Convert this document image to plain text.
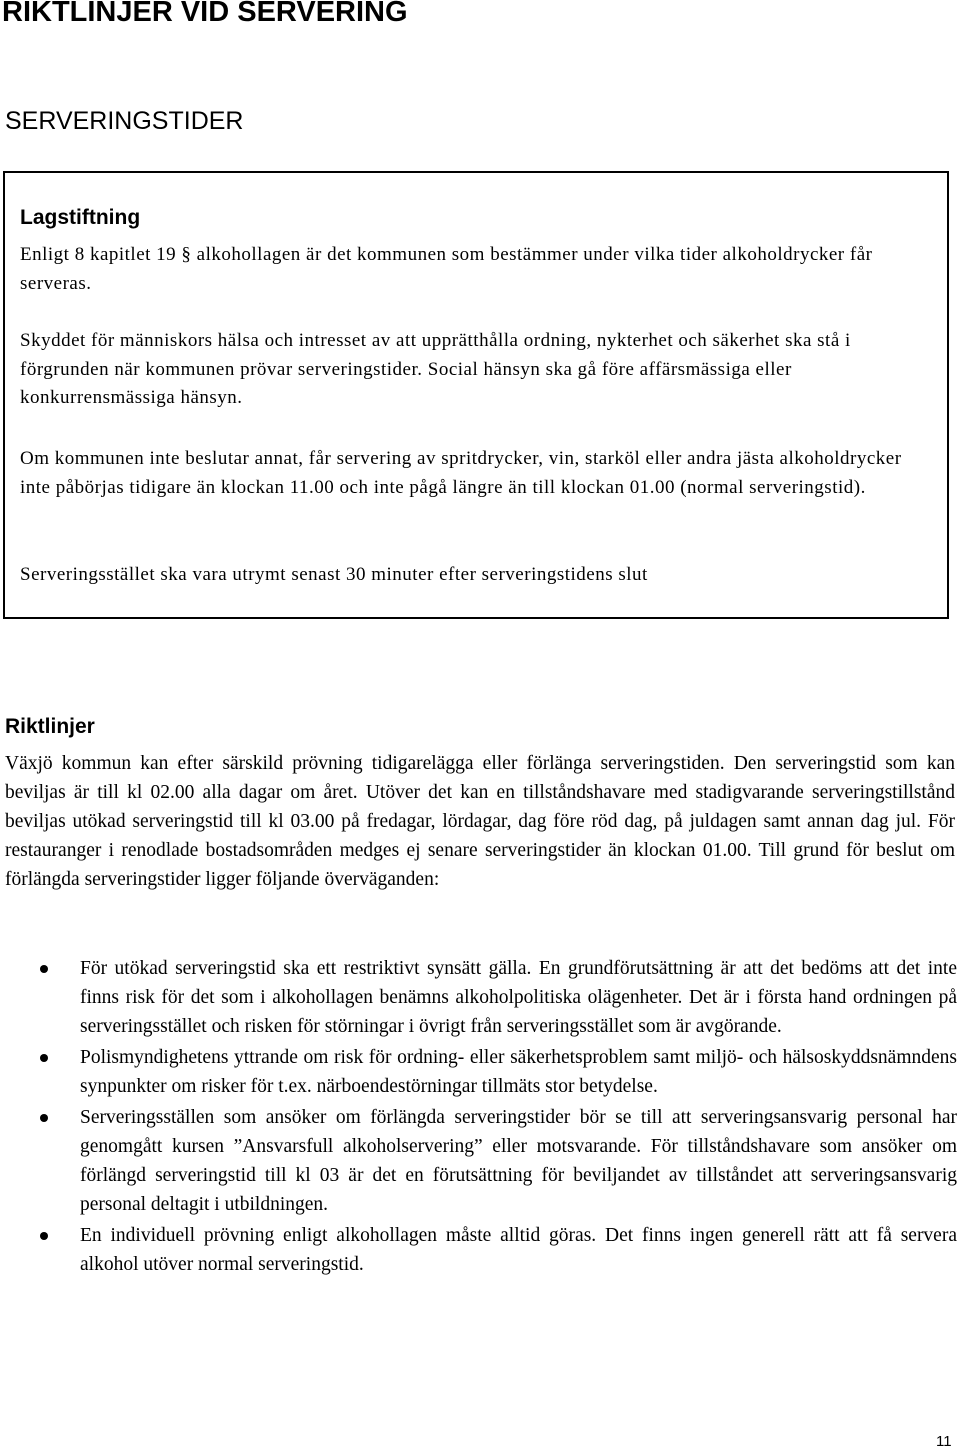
RIKTLINJER VID SERVERING
SERVERINGSTIDER
Lagstiftning

Enligt 8 kapitlet 19 § alkohollagen är det kommunen som bestämmer under vilka tider alkoholdrycker får serveras.

Skyddet för människors hälsa och intresset av att upprätthålla ordning, nykterhet och säkerhet ska stå i förgrunden när kommunen prövar serveringstider. Social hänsyn ska gå före affärsmässiga eller konkurrensmässiga hänsyn.

Om kommunen inte beslutar annat, får servering av spritdrycker, vin, starköl eller andra jästa alkoholdrycker inte påbörjas tidigare än klockan 11.00 och inte pågå längre än till klockan 01.00 (normal serveringstid).

Serveringsstället ska vara utrymt senast 30 minuter efter serveringstidens slut

Riktlinjer

Växjö kommun kan efter särskild prövning tidigarelägga eller förlänga serveringstiden. Den serveringstid som kan beviljas är till kl 02.00 alla dagar om året. Utöver det kan en tillståndshavare med stadigvarande serveringstillstånd beviljas utökad serveringstid till kl 03.00 på fredagar, lördagar, dag före röd dag, på juldagen samt annan dag jul. För restauranger i renodlade bostadsområden medges ej senare serveringstider än klockan 01.00. Till grund för beslut om förlängda serveringstider ligger följande överväganden:

För utökad serveringstid ska ett restriktivt synsätt gälla. En grundförutsättning är att det bedöms att det inte finns risk för det som i alkohollagen benämns alkoholpolitiska olägenheter. Det är i första hand ordningen på serveringsstället och risken för störningar i övrigt från serveringsstället som är avgörande.
Polismyndighetens yttrande om risk för ordning- eller säkerhetsproblem samt miljö- och hälsoskyddsnämndens synpunkter om risker för t.ex. närboendestörningar tillmäts stor betydelse.
Serveringsställen som ansöker om förlängda serveringstider bör se till att serveringsansvarig personal har genomgått kursen ”Ansvarsfull alkoholservering” eller motsvarande. För tillståndshavare som ansöker om förlängd serveringstid till kl 03 är det en förutsättning för beviljandet av tillståndet att serveringsansvarig personal deltagit i utbildningen.
En individuell prövning enligt alkohollagen måste alltid göras. Det finns ingen generell rätt att få servera alkohol utöver normal serveringstid.

11
